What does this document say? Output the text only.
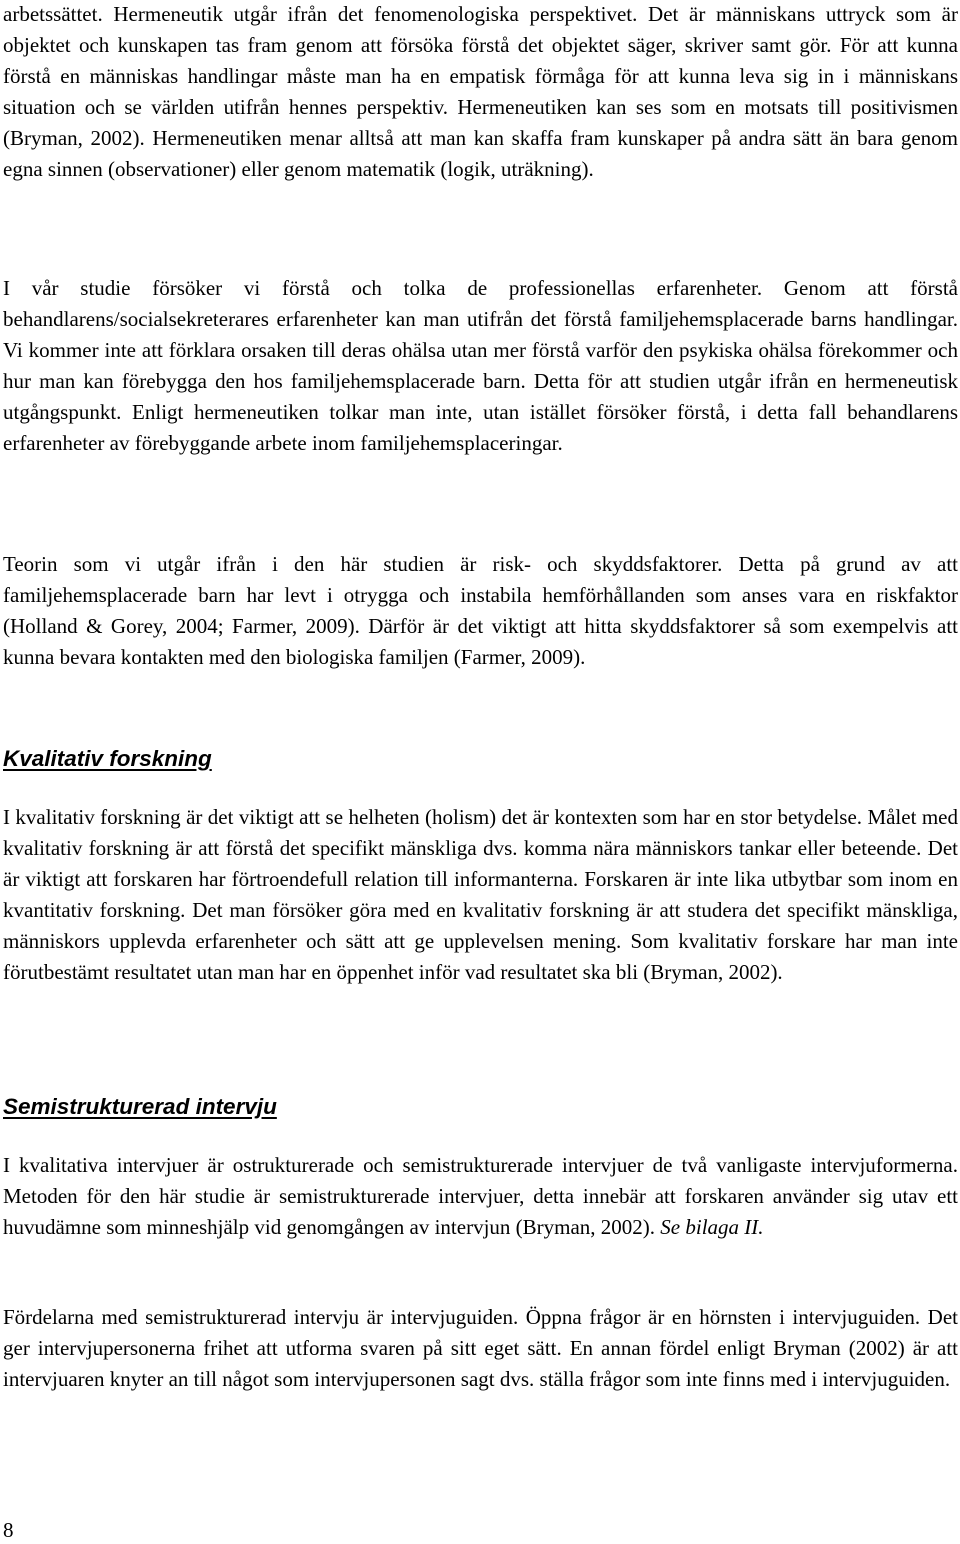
arbetssättet. Hermeneutik utgår ifrån det fenomenologiska perspektivet. Det är människans uttryck som är objektet och kunskapen tas fram genom att försöka förstå det objektet säger, skriver samt gör. För att kunna förstå en människas handlingar måste man ha en empatisk förmåga för att kunna leva sig in i människans situation och se världen utifrån hennes perspektiv. Hermeneutiken kan ses som en motsats till positivismen (Bryman, 2002). Hermeneutiken menar alltså att man kan skaffa fram kunskaper på andra sätt än bara genom egna sinnen (observationer) eller genom matematik (logik, uträkning).

I vår studie försöker vi förstå och tolka de professionellas erfarenheter. Genom att förstå behandlarens/socialsekreterares erfarenheter kan man utifrån det förstå familjehemsplacerade barns handlingar. Vi kommer inte att förklara orsaken till deras ohälsa utan mer förstå varför den psykiska ohälsa förekommer och hur man kan förebygga den hos familjehemsplacerade barn. Detta för att studien utgår ifrån en hermeneutisk utgångspunkt. Enligt hermeneutiken tolkar man inte, utan istället försöker förstå, i detta fall behandlarens erfarenheter av förebyggande arbete inom familjehemsplaceringar.

Teorin som vi utgår ifrån i den här studien är risk- och skyddsfaktorer. Detta på grund av att familjehemsplacerade barn har levt i otrygga och instabila hemförhållanden som anses vara en riskfaktor (Holland & Gorey, 2004; Farmer, 2009). Därför är det viktigt att hitta skyddsfaktorer så som exempelvis att kunna bevara kontakten med den biologiska familjen (Farmer, 2009).

Kvalitativ forskning

I kvalitativ forskning är det viktigt att se helheten (holism) det är kontexten som har en stor betydelse. Målet med kvalitativ forskning är att förstå det specifikt mänskliga dvs. komma nära människors tankar eller beteende. Det är viktigt att forskaren har förtroendefull relation till informanterna. Forskaren är inte lika utbytbar som inom en kvantitativ forskning. Det man försöker göra med en kvalitativ forskning är att studera det specifikt mänskliga, människors upplevda erfarenheter och sätt att ge upplevelsen mening. Som kvalitativ forskare har man inte förutbestämt resultatet utan man har en öppenhet inför vad resultatet ska bli (Bryman, 2002).

Semistrukturerad intervju

I kvalitativa intervjuer är ostrukturerade och semistrukturerade intervjuer de två vanligaste intervjuformerna. Metoden för den här studie är semistrukturerade intervjuer, detta innebär att forskaren använder sig utav ett huvudämne som minneshjälp vid genomgången av intervjun (Bryman, 2002). Se bilaga II.

Fördelarna med semistrukturerad intervju är intervjuguiden. Öppna frågor är en hörnsten i intervjuguiden. Det ger intervjupersonerna frihet att utforma svaren på sitt eget sätt. En annan fördel enligt Bryman (2002) är att intervjuaren knyter an till något som intervjupersonen sagt dvs. ställa frågor som inte finns med i intervjuguiden.

8
